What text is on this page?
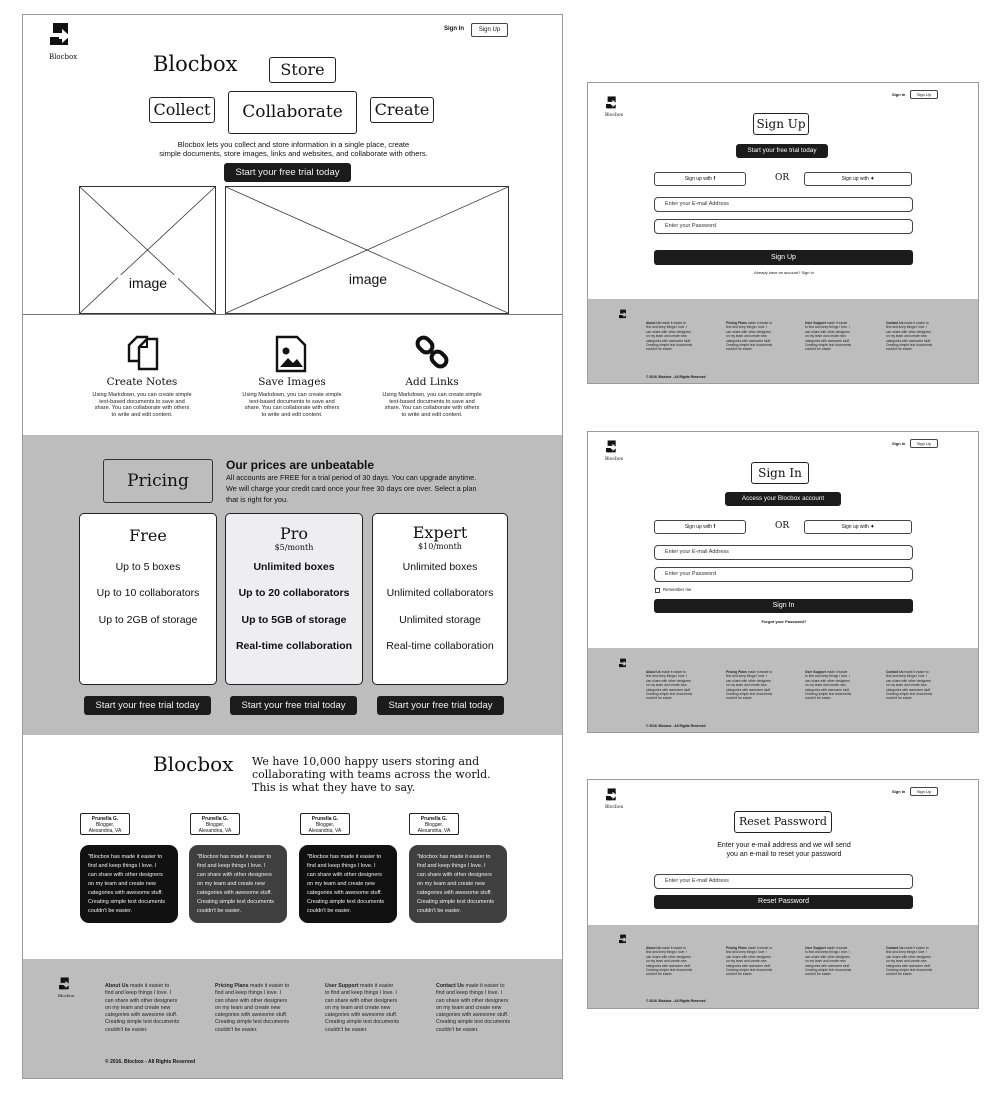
Blocbox
Sign In	Sign Up
Blocbox	Store
Collect	Collaborate	Create
Blocbox lets you collect and store information in a single place, create
simple documents, store images, links and websites, and collaborate with others.
Start your free trial today
image	image
Create Notes	Save Images	Add Links
Using Markdown, you can create simple
text-based documents to save and
share. You can collaborate with others
to write and edit content.
Using Markdown, you can create simple
text-based documents to save and
share. You can collaborate with others
to write and edit content.
Using Markdown, you can create simple
text-based documents to save and
share. You can collaborate with others
to write and edit content.
Pricing
Our prices are unbeatable
All accounts are FREE for a trial period of 30 days. You can upgrade anytime.
We will charge your credit card once your free 30 days ore over. Select a plan
that is right for you.
Free
Up to 5 boxes
Up to 10 collaborators
Up to 2GB of storage
Pro
$5/month
Unlimited boxes
Up to 20 collaborators
Up to 5GB of storage
Real-time collaboration
Expert
$10/month
Unlimited boxes
Unlimited collaborators
Unlimited storage
Real-time collaboration
Start your free trial today	Start your free trial today	Start your free trial today
Blocbox We have 10,000 happy users storing and
collaborating with teams across the world.
This is what they have to say.
Prunella G.
Blogger,
Alexandria, VA
Prunella G.
Blogger,
Alexandria, VA
Prunella G.
Blogger,
Alexandria, VA
Prunella G.
Blogger,
Alexandria, VA
"Blocbox has made it easier to
find and keep things I love. I
can share with other designers
on my team and create new
categories with awesome stuff.
Creating simple text documents
couldn't be easier.
"Blocbox has made it easier to
find and keep things I love. I
can share with other designers
on my team and create new
categories with awesome stuff.
Creating simple text documents
couldn't be easier.
"Blocbox has made it easier to
find and keep things I love. I
can share with other designers
on my team and create new
categories with awesome stuff.
Creating simple text documents
couldn't be easier.
"blocbox has made it easier to
find and keep things I love. I
can share with other designers
on my team and create new
categories with awesome stuff.
Creating simple text documents
couldn't be easier.
Blocbox
About Us made it easier to
find and keep things I love. I
can share with other designers
on my team and create new
categories with awesome stuff.
Creating simple text documents
couldn't be easier.
Pricing Plans made it easier to
find and keep things I love. I
can share with other designers
on my team and create new
categories with awesome stuff.
Creating simple text documents
couldn't be easier.
User Support made it easier
to find and keep things I love. I
can share with other designers
on my team and create new
categories with awesome stuff.
Creating simple text documents
couldn't be easier.
Contact Us made it easier to
find and keep things I love. I
can share with other designers
on my team and create new
categories with awesome stuff.
Creating simple text documents
couldn't be easier.
© 2016. Blocbox - All Rights Reserved
Blocbox
Sign In	Sign Up
Sign Up
Start your free trial today
Sign up with f	OR	Sign up with ✦
Enter your E-mail Address
Enter your Password
Sign Up
Already have an account? Sign In
About Us made it easier to
find and keep things I love. I
can share with other designers
on my team and create new
categories with awesome stuff.
Creating simple text documents
couldn't be easier.
Pricing Plans made it easier to
find and keep things I love. I
can share with other designers
on my team and create new
categories with awesome stuff.
Creating simple text documents
couldn't be easier.
User Support made it easier
to find and keep things I love. I
can share with other designers
on my team and create new
categories with awesome stuff.
Creating simple text documents
couldn't be easier.
Contact Us made it easier to
find and keep things I love. I
can share with other designers
on my team and create new
categories with awesome stuff.
Creating simple text documents
couldn't be easier.
© 2016. Blocbox - All Rights Reserved
Blocbox
Sign In	Sign Up
Sign In
Access your Blocbox account
Sign up with f	OR	Sign up with ✦
Enter your E-mail Address
Enter your Password
Remember me
Sign In
Forgot your Password?
About Us made it easier to
find and keep things I love. I
can share with other designers
on my team and create new
categories with awesome stuff.
Creating simple text documents
couldn't be easier.
Pricing Plans made it easier to
find and keep things I love. I
can share with other designers
on my team and create new
categories with awesome stuff.
Creating simple text documents
couldn't be easier.
User Support made it easier
to find and keep things I love. I
can share with other designers
on my team and create new
categories with awesome stuff.
Creating simple text documents
couldn't be easier.
Contact Us made it easier to
find and keep things I love. I
can share with other designers
on my team and create new
categories with awesome stuff.
Creating simple text documents
couldn't be easier.
© 2016. Blocbox - All Rights Reserved
Blocbox
Sign In	Sign Up
Reset Password
Enter your e-mail address and we will send
you an e-mail to reset your password
Enter your E-mail Address
Reset Password
About Us made it easier to
find and keep things I love. I
can share with other designers
on my team and create new
categories with awesome stuff.
Creating simple text documents
couldn't be easier.
Pricing Plans made it easier to
find and keep things I love. I
can share with other designers
on my team and create new
categories with awesome stuff.
Creating simple text documents
couldn't be easier.
User Support made it easier
to find and keep things I love. I
can share with other designers
on my team and create new
categories with awesome stuff.
Creating simple text documents
couldn't be easier.
Contact Us made it easier to
find and keep things I love. I
can share with other designers
on my team and create new
categories with awesome stuff.
Creating simple text documents
couldn't be easier.
© 2016. Blocbox - All Rights Reserved
